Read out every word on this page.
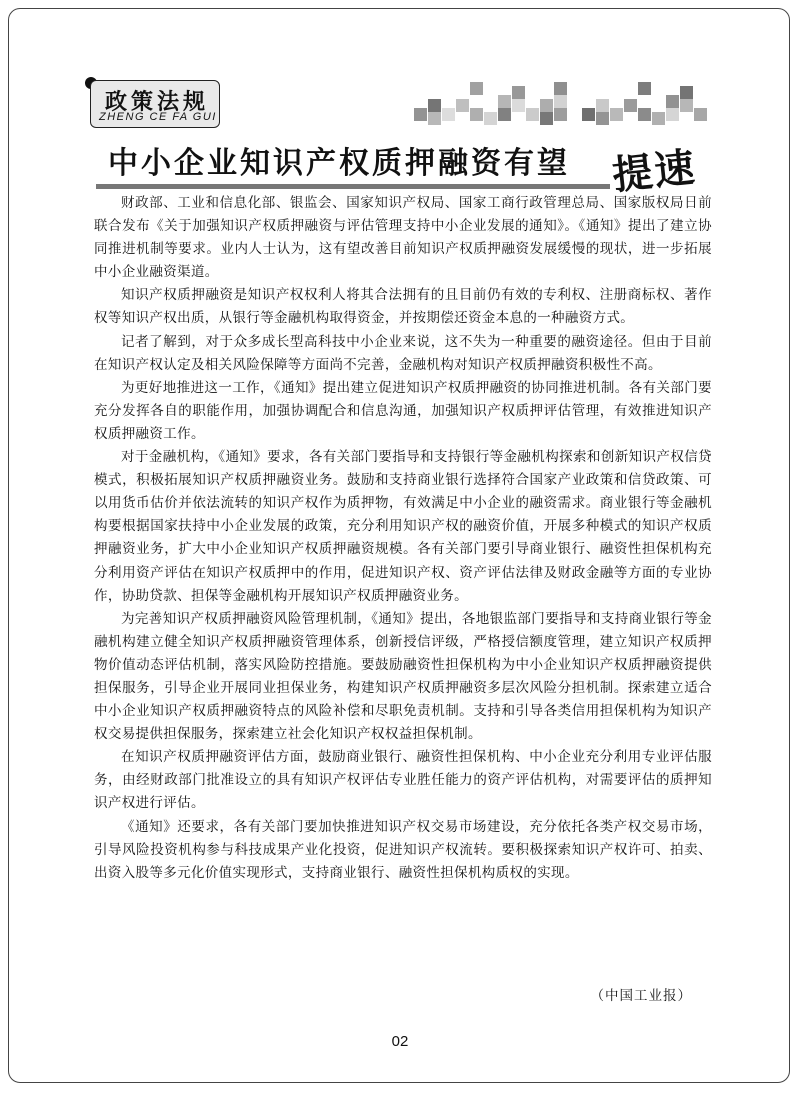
政策法规
ZHENG CE FA GUI
中小企业知识产权质押融资有望 提速

财政部、工业和信息化部、银监会、国家知识产权局、国家工商行政管理总局、国家版权局日前联合发布《关于加强知识产权质押融资与评估管理支持中小企业发展的通知》。《通知》提出了建立协同推进机制等要求。业内人士认为，这有望改善目前知识产权质押融资发展缓慢的现状，进一步拓展中小企业融资渠道。

知识产权质押融资是知识产权权利人将其合法拥有的且目前仍有效的专利权、注册商标权、著作权等知识产权出质，从银行等金融机构取得资金，并按期偿还资金本息的一种融资方式。

记者了解到，对于众多成长型高科技中小企业来说，这不失为一种重要的融资途径。但由于目前在知识产权认定及相关风险保障等方面尚不完善，金融机构对知识产权质押融资积极性不高。

为更好地推进这一工作，《通知》提出建立促进知识产权质押融资的协同推进机制。各有关部门要充分发挥各自的职能作用，加强协调配合和信息沟通，加强知识产权质押评估管理，有效推进知识产权质押融资工作。

对于金融机构，《通知》要求，各有关部门要指导和支持银行等金融机构探索和创新知识产权信贷模式，积极拓展知识产权质押融资业务。鼓励和支持商业银行选择符合国家产业政策和信贷政策、可以用货币估价并依法流转的知识产权作为质押物，有效满足中小企业的融资需求。商业银行等金融机构要根据国家扶持中小企业发展的政策，充分利用知识产权的融资价值，开展多种模式的知识产权质押融资业务，扩大中小企业知识产权质押融资规模。各有关部门要引导商业银行、融资性担保机构充分利用资产评估在知识产权质押中的作用，促进知识产权、资产评估法律及财政金融等方面的专业协作，协助贷款、担保等金融机构开展知识产权质押融资业务。

为完善知识产权质押融资风险管理机制，《通知》提出，各地银监部门要指导和支持商业银行等金融机构建立健全知识产权质押融资管理体系，创新授信评级，严格授信额度管理，建立知识产权质押物价值动态评估机制，落实风险防控措施。要鼓励融资性担保机构为中小企业知识产权质押融资提供担保服务，引导企业开展同业担保业务，构建知识产权质押融资多层次风险分担机制。探索建立适合中小企业知识产权质押融资特点的风险补偿和尽职免责机制。支持和引导各类信用担保机构为知识产权交易提供担保服务，探索建立社会化知识产权权益担保机制。

在知识产权质押融资评估方面，鼓励商业银行、融资性担保机构、中小企业充分利用专业评估服务，由经财政部门批准设立的具有知识产权评估专业胜任能力的资产评估机构，对需要评估的质押知识产权进行评估。

《通知》还要求，各有关部门要加快推进知识产权交易市场建设，充分依托各类产权交易市场，引导风险投资机构参与科技成果产业化投资，促进知识产权流转。要积极探索知识产权许可、拍卖、出资入股等多元化价值实现形式，支持商业银行、融资性担保机构质权的实现。

（中国工业报）
02
